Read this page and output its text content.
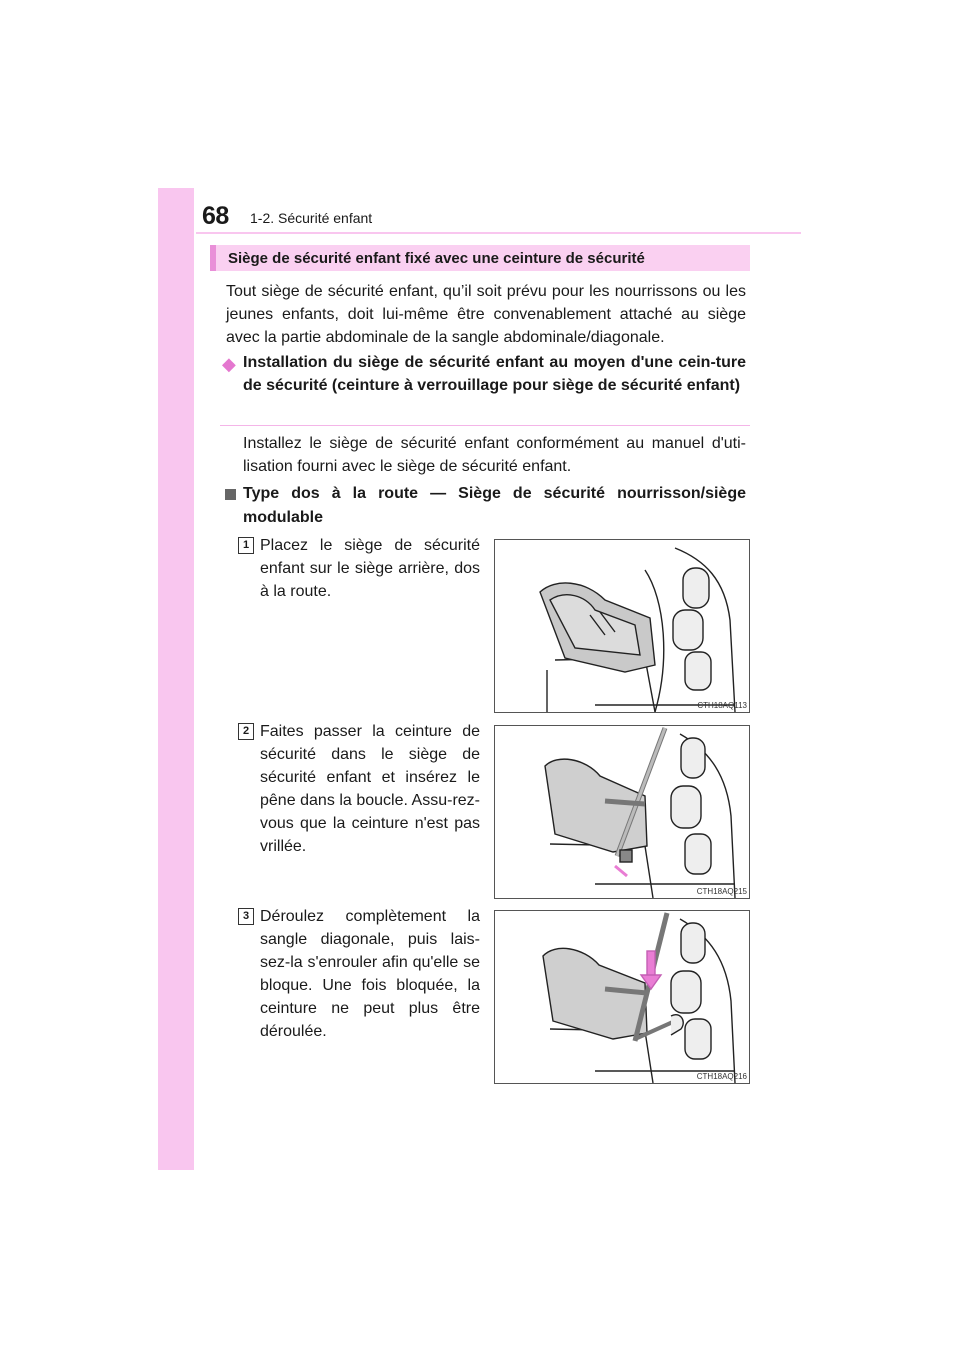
68 1-2. Sécurité enfant
Siège de sécurité enfant fixé avec une ceinture de sécurité
Tout siège de sécurité enfant, qu’il soit prévu pour les nourrissons ou les jeunes enfants, doit lui-même être convenablement attaché au siège avec la partie abdominale de la sangle abdominale/diagonale.
◆ Installation du siège de sécurité enfant au moyen d'une cein-ture de sécurité (ceinture à verrouillage pour siège de sécurité enfant)
Installez le siège de sécurité enfant conformément au manuel d'uti-lisation fourni avec le siège de sécurité enfant.
Type dos à la route — Siège de sécurité nourrisson/siège modulable
1 Placez le siège de sécurité enfant sur le siège arrière, dos à la route.
CTH18AQ113
2 Faites passer la ceinture de sécurité dans le siège de sécurité enfant et insérez le pêne dans la boucle. Assu-rez-vous que la ceinture n'est pas vrillée.
CTH18AQ215
3 Déroulez complètement la sangle diagonale, puis lais-sez-la s'enrouler afin qu'elle se bloque. Une fois bloquée, la ceinture ne peut plus être déroulée.
CTH18AQ216
